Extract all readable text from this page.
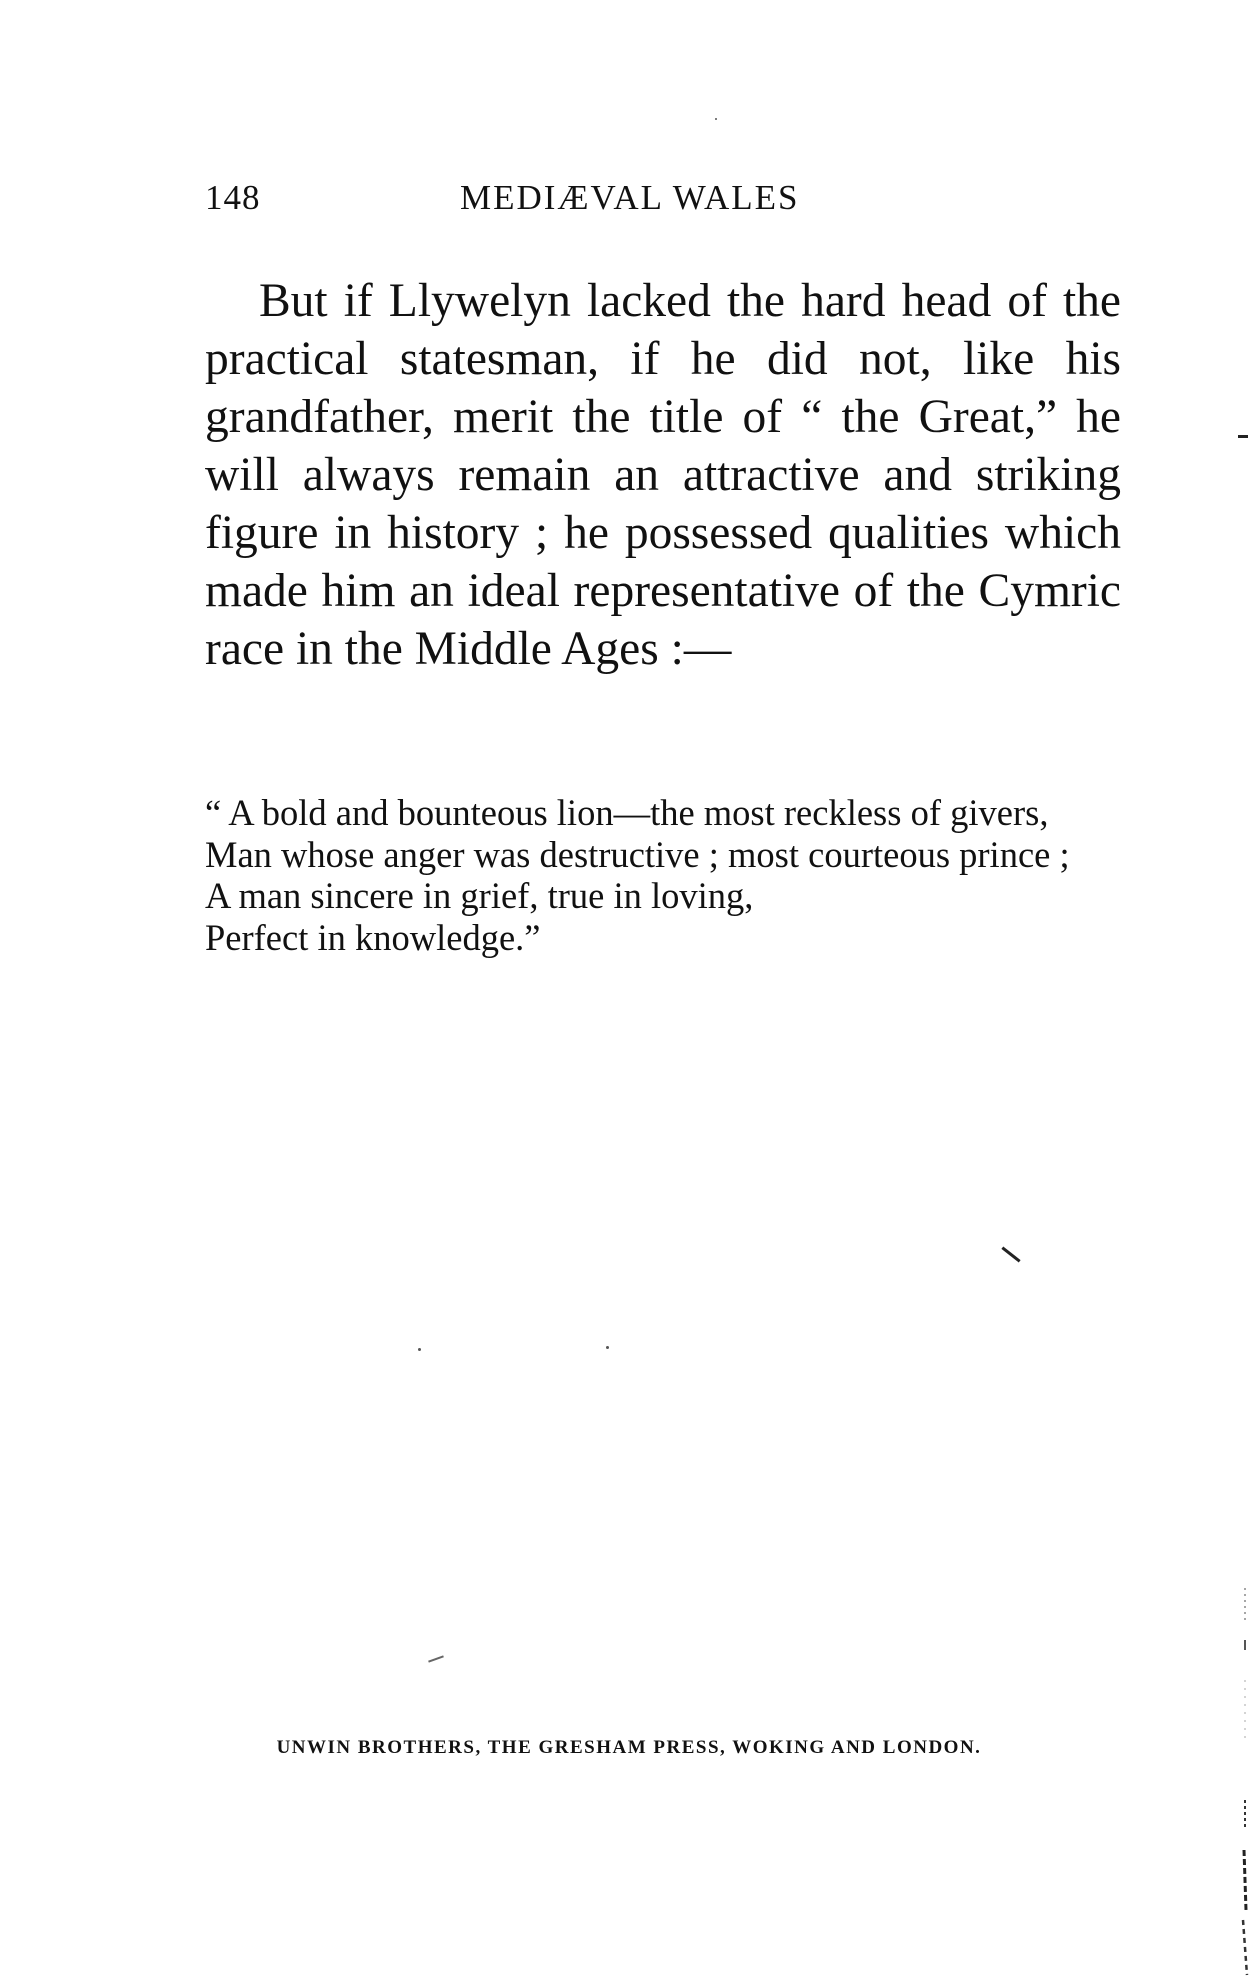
148	MEDIÆVAL WALES

But if Llywelyn lacked the hard head of the practical statesman, if he did not, like his grandfather, merit the title of “ the Great,” he will always remain an attractive and striking figure in history ; he possessed qualities which made him an ideal representative of the Cymric race in the Middle Ages :—

“ A bold and bounteous lion—the most reckless of givers,
Man whose anger was destructive ; most courteous prince ;
A man sincere in grief, true in loving,
Perfect in knowledge.”
UNWIN BROTHERS, THE GRESHAM PRESS, WOKING AND LONDON.
